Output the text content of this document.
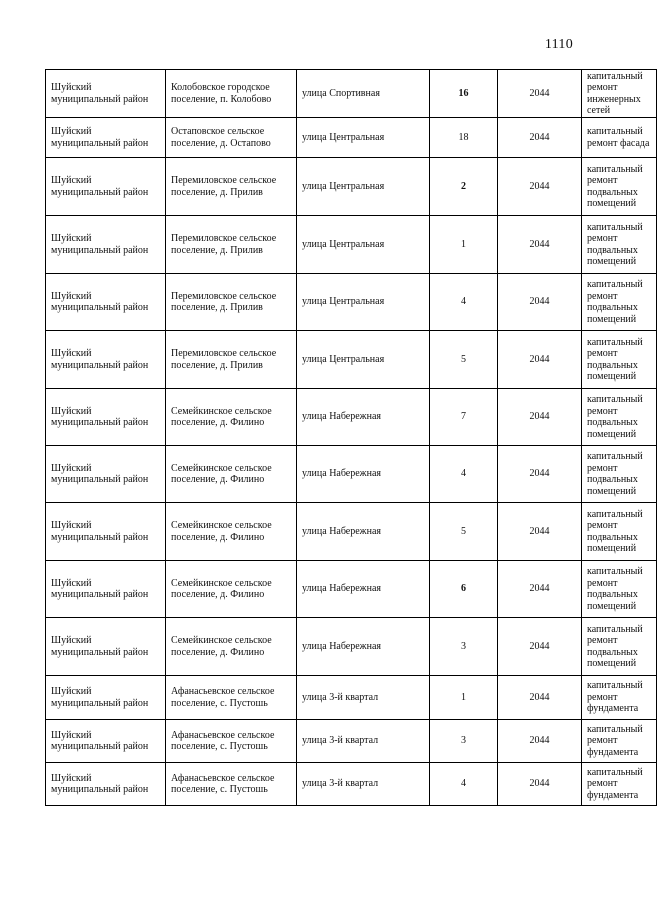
1110
Шуйский муниципальный район	Колобовское городское поселение, п. Колобово	улица Спортивная	16	2044	капитальный ремонт инженерных сетей

Шуйский муниципальный район	Остаповское сельское поселение, д. Остапово	улица Центральная	18	2044	капитальный ремонт фасада

Шуйский муниципальный район	Перемиловское сельское поселение, д. Прилив	улица Центральная	2	2044	капитальный ремонт подвальных помещений

Шуйский муниципальный район	Перемиловское сельское поселение, д. Прилив	улица Центральная	1	2044	капитальный ремонт подвальных помещений

Шуйский муниципальный район	Перемиловское сельское поселение, д. Прилив	улица Центральная	4	2044	капитальный ремонт подвальных помещений

Шуйский муниципальный район	Перемиловское сельское поселение, д. Прилив	улица Центральная	5	2044	капитальный ремонт подвальных помещений

Шуйский муниципальный район	Семейкинское сельское поселение, д. Филино	улица Набережная	7	2044	капитальный ремонт подвальных помещений

Шуйский муниципальный район	Семейкинское сельское поселение, д. Филино	улица Набережная	4	2044	капитальный ремонт подвальных помещений

Шуйский муниципальный район	Семейкинское сельское поселение, д. Филино	улица Набережная	5	2044	капитальный ремонт подвальных помещений

Шуйский муниципальный район	Семейкинское сельское поселение, д. Филино	улица Набережная	6	2044	капитальный ремонт подвальных помещений

Шуйский муниципальный район	Семейкинское сельское поселение, д. Филино	улица Набережная	3	2044	капитальный ремонт подвальных помещений

Шуйский муниципальный район	Афанасьевское сельское поселение, с. Пустошь	улица 3-й квартал	1	2044	капитальный ремонт фундамента

Шуйский муниципальный район	Афанасьевское сельское поселение, с. Пустошь	улица 3-й квартал	3	2044	капитальный ремонт фундамента

Шуйский муниципальный район	Афанасьевское сельское поселение, с. Пустошь	улица 3-й квартал	4	2044	капитальный ремонт фундамента
